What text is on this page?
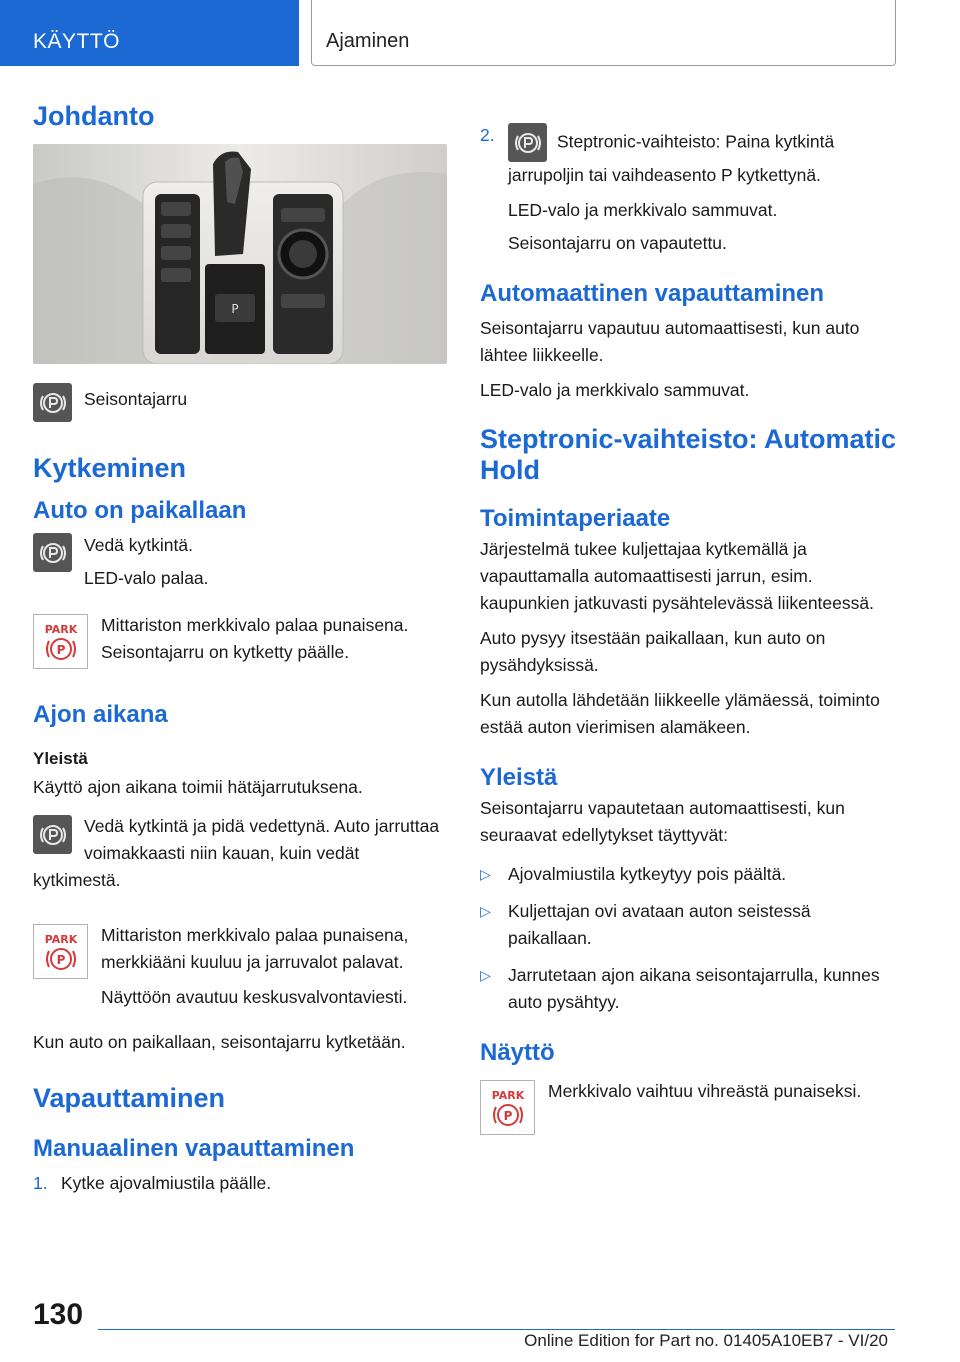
KÄYTTÖ	Ajaminen
Johdanto
P

Seisontajarru

Kytkeminen
Auto on paikallaan

Vedä kytkintä.

LED-valo palaa.

PARK
P

Mittariston merkkivalo palaa punaisena. Seisontajarru on kytketty päälle.

Ajon aikana
Yleistä

Käyttö ajon aikana toimii hätäjarrutuksena.

Vedä kytkintä ja pidä vedettynä. Auto jarruttaa voimakkaasti niin kauan, kuin vedät kytkimestä.

PARK
P

Mittariston merkkivalo palaa punaisena, merkkiääni kuuluu ja jarruvalot palavat.

Näyttöön avautuu keskusvalvontaviesti.

Kun auto on paikallaan, seisontajarru kytketään.

Vapauttaminen
Manuaalinen vapauttaminen
1. Kytke ajovalmiustila päälle.
2.	Steptronic-vaihteisto: Paina kytkintä jarrupoljin tai vaihdeasento P kytkettynä.

LED-valo ja merkkivalo sammuvat.

Seisontajarru on vapautettu.

Automaattinen vapauttaminen

Seisontajarru vapautuu automaattisesti, kun auto lähtee liikkeelle.

LED-valo ja merkkivalo sammuvat.

Steptronic-vaihteisto: Automatic Hold
Toimintaperiaate

Järjestelmä tukee kuljettajaa kytkemällä ja vapauttamalla automaattisesti jarrun, esim. kaupunkien jatkuvasti pysähtelevässä liikenteessä.

Auto pysyy itsestään paikallaan, kun auto on pysähdyksissä.

Kun autolla lähdetään liikkeelle ylämäessä, toiminto estää auton vierimisen alamäkeen.

Yleistä

Seisontajarru vapautetaan automaattisesti, kun seuraavat edellytykset täyttyvät:

▷ Ajovalmiustila kytkeytyy pois päältä.
▷ Kuljettajan ovi avataan auton seistessä paikallaan.
▷ Jarrutetaan ajon aikana seisontajarrulla, kunnes auto pysähtyy.
Näyttö
PARK
P

Merkkivalo vaihtuu vihreästä punaiseksi.

130
Online Edition for Part no. 01405A10EB7 - VI/20
